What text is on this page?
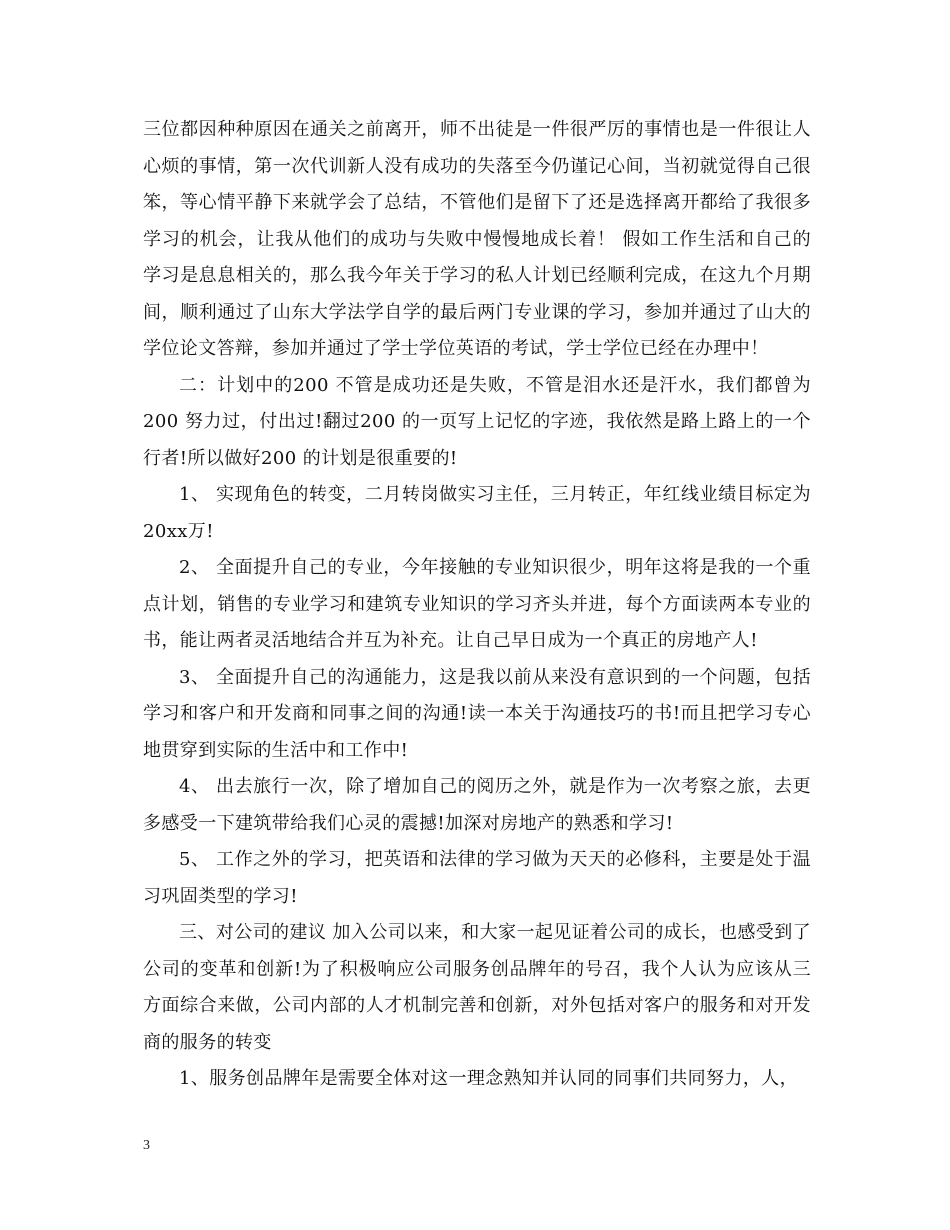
三位都因种种原因在通关之前离开，师不出徒是一件很严厉的事情也是一件很让人心烦的事情，第一次代训新人没有成功的失落至今仍谨记心间，当初就觉得自己很笨，等心情平静下来就学会了总结，不管他们是留下了还是选择离开都给了我很多学习的机会，让我从他们的成功与失败中慢慢地成长着！ 假如工作生活和自己的学习是息息相关的，那么我今年关于学习的私人计划已经顺利完成，在这九个月期间，顺利通过了山东大学法学自学的最后两门专业课的学习，参加并通过了山大的学位论文答辩，参加并通过了学士学位英语的考试，学士学位已经在办理中！

二：计划中的200 不管是成功还是失败，不管是泪水还是汗水，我们都曾为200 努力过，付出过!翻过200 的一页写上记忆的字迹，我依然是路上路上的一个行者!所以做好200 的计划是很重要的!

1、 实现角色的转变，二月转岗做实习主任，三月转正，年红线业绩目标定为20xx万!

2、 全面提升自己的专业，今年接触的专业知识很少，明年这将是我的一个重点计划，销售的专业学习和建筑专业知识的学习齐头并进，每个方面读两本专业的书，能让两者灵活地结合并互为补充。让自己早日成为一个真正的房地产人!

3、 全面提升自己的沟通能力，这是我以前从来没有意识到的一个问题，包括学习和客户和开发商和同事之间的沟通!读一本关于沟通技巧的书!而且把学习专心地贯穿到实际的生活中和工作中!

4、 出去旅行一次，除了增加自己的阅历之外，就是作为一次考察之旅，去更多感受一下建筑带给我们心灵的震撼!加深对房地产的熟悉和学习!

5、 工作之外的学习，把英语和法律的学习做为天天的必修科，主要是处于温习巩固类型的学习!

三、对公司的建议 加入公司以来，和大家一起见证着公司的成长，也感受到了公司的变革和创新!为了积极响应公司服务创品牌年的号召，我个人认为应该从三方面综合来做，公司内部的人才机制完善和创新，对外包括对客户的服务和对开发商的服务的转变

1、服务创品牌年是需要全体对这一理念熟知并认同的同事们共同努力，人，

3
